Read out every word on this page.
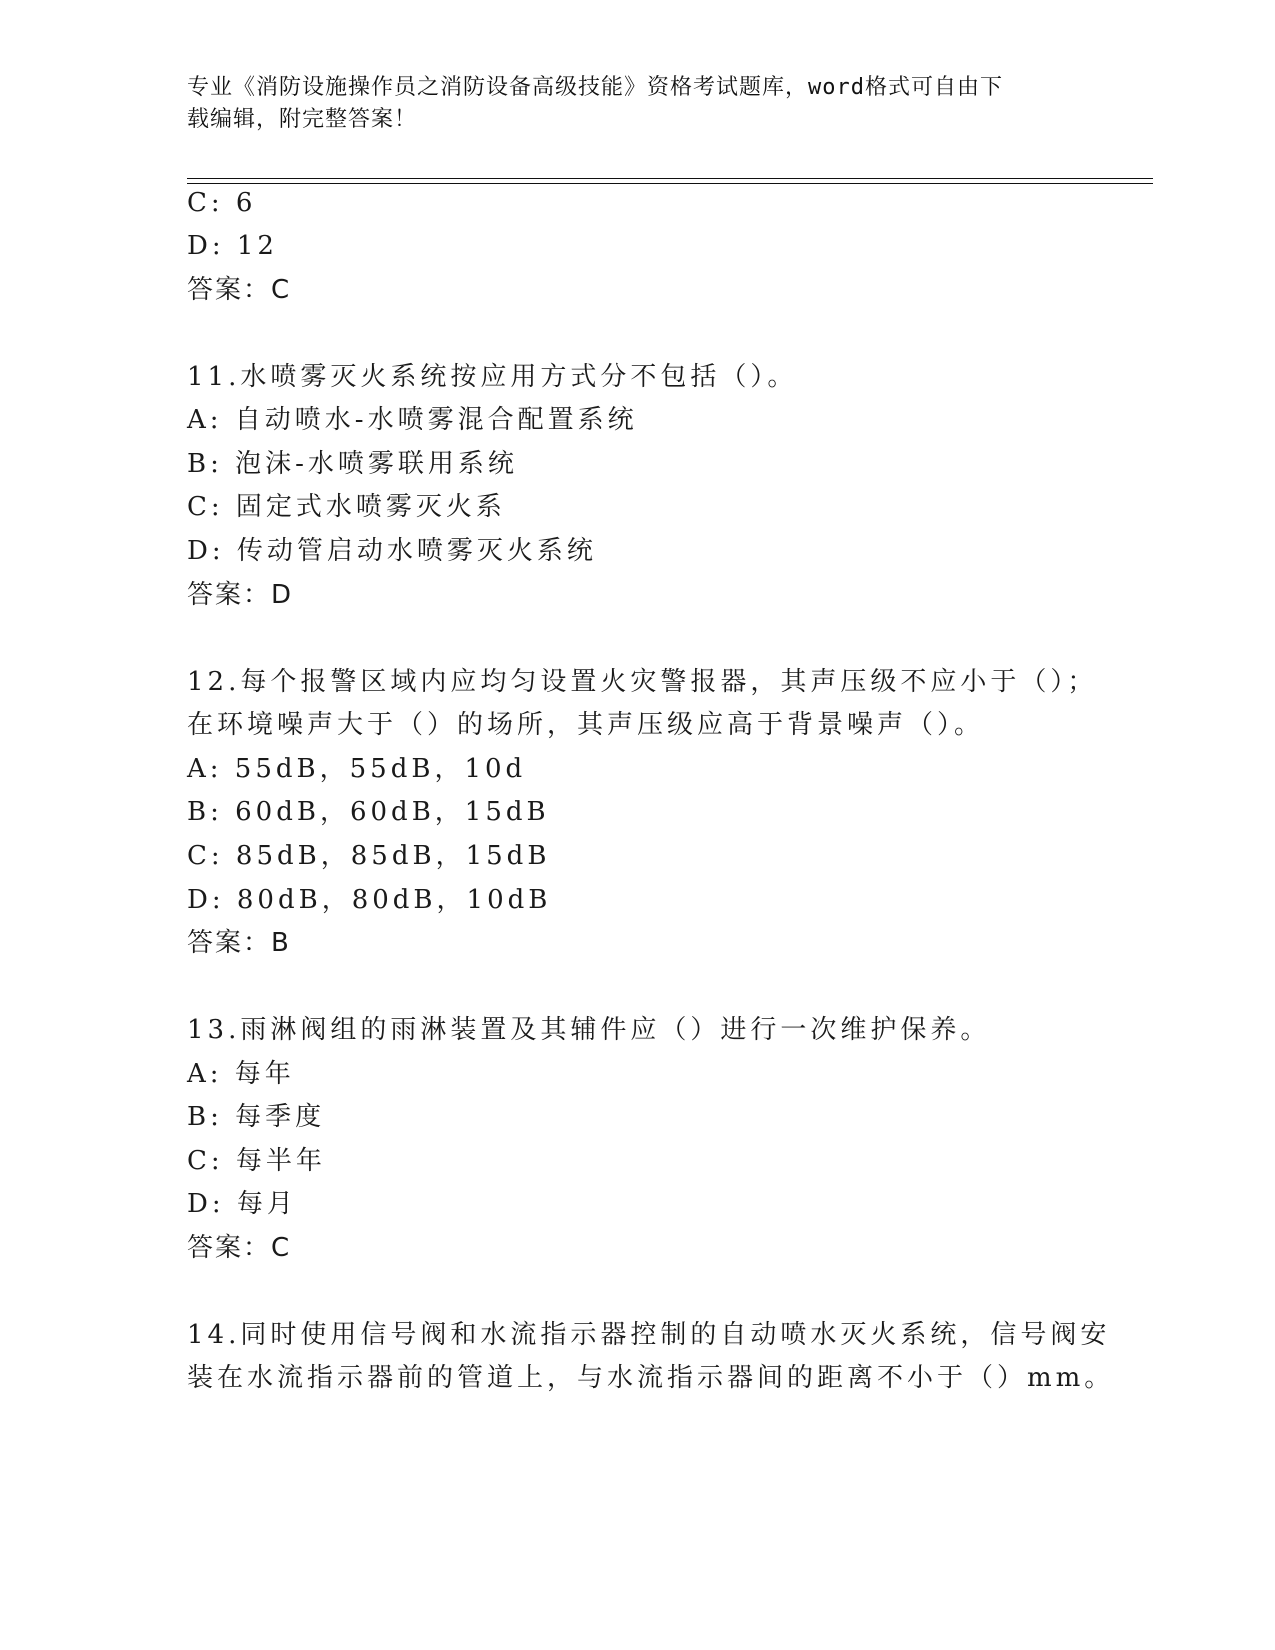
专业《消防设施操作员之消防设备高级技能》资格考试题库，word格式可自由下
载编辑，附完整答案！
C: 6
D: 12
答案：C
11.水喷雾灭火系统按应用方式分不包括（）。
A: 自动喷水-水喷雾混合配置系统
B: 泡沫-水喷雾联用系统
C: 固定式水喷雾灭火系
D: 传动管启动水喷雾灭火系统
答案：D
12.每个报警区域内应均匀设置火灾警报器，其声压级不应小于（）；
在环境噪声大于（）的场所，其声压级应高于背景噪声（）。
A: 55dB，55dB，10d
B: 60dB，60dB，15dB
C: 85dB，85dB，15dB
D: 80dB，80dB，10dB
答案：B
13.雨淋阀组的雨淋装置及其辅件应（）进行一次维护保养。
A: 每年
B: 每季度
C: 每半年
D: 每月
答案：C
14.同时使用信号阀和水流指示器控制的自动喷水灭火系统，信号阀安
装在水流指示器前的管道上，与水流指示器间的距离不小于（）mm。
